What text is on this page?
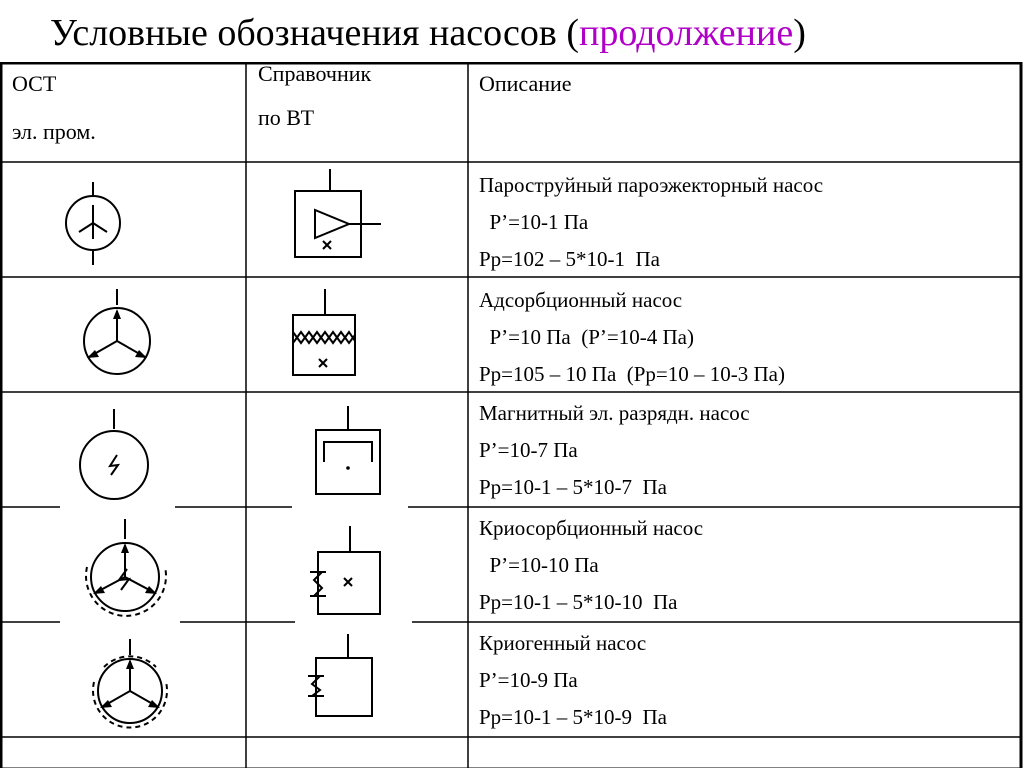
Условные обозначения насосов (продолжение)
ОСТ
эл. пром.
Справочник
по ВТ
Описание
Пароструйный пароэжекторный насос
Р’=10-1 Па
Рр=102 – 5*10-1  Па
Адсорбционный насос
Р’=10 Па  (Р’=10-4 Па)
Рр=105 – 10 Па  (Рр=10 – 10-3 Па)
Магнитный эл. разрядн. насос
Р’=10-7 Па
Рр=10-1 – 5*10-7  Па
Криосорбционный насос
Р’=10-10 Па
Рр=10-1 – 5*10-10  Па
Криогенный насос
Р’=10-9 Па
Рр=10-1 – 5*10-9  Па
